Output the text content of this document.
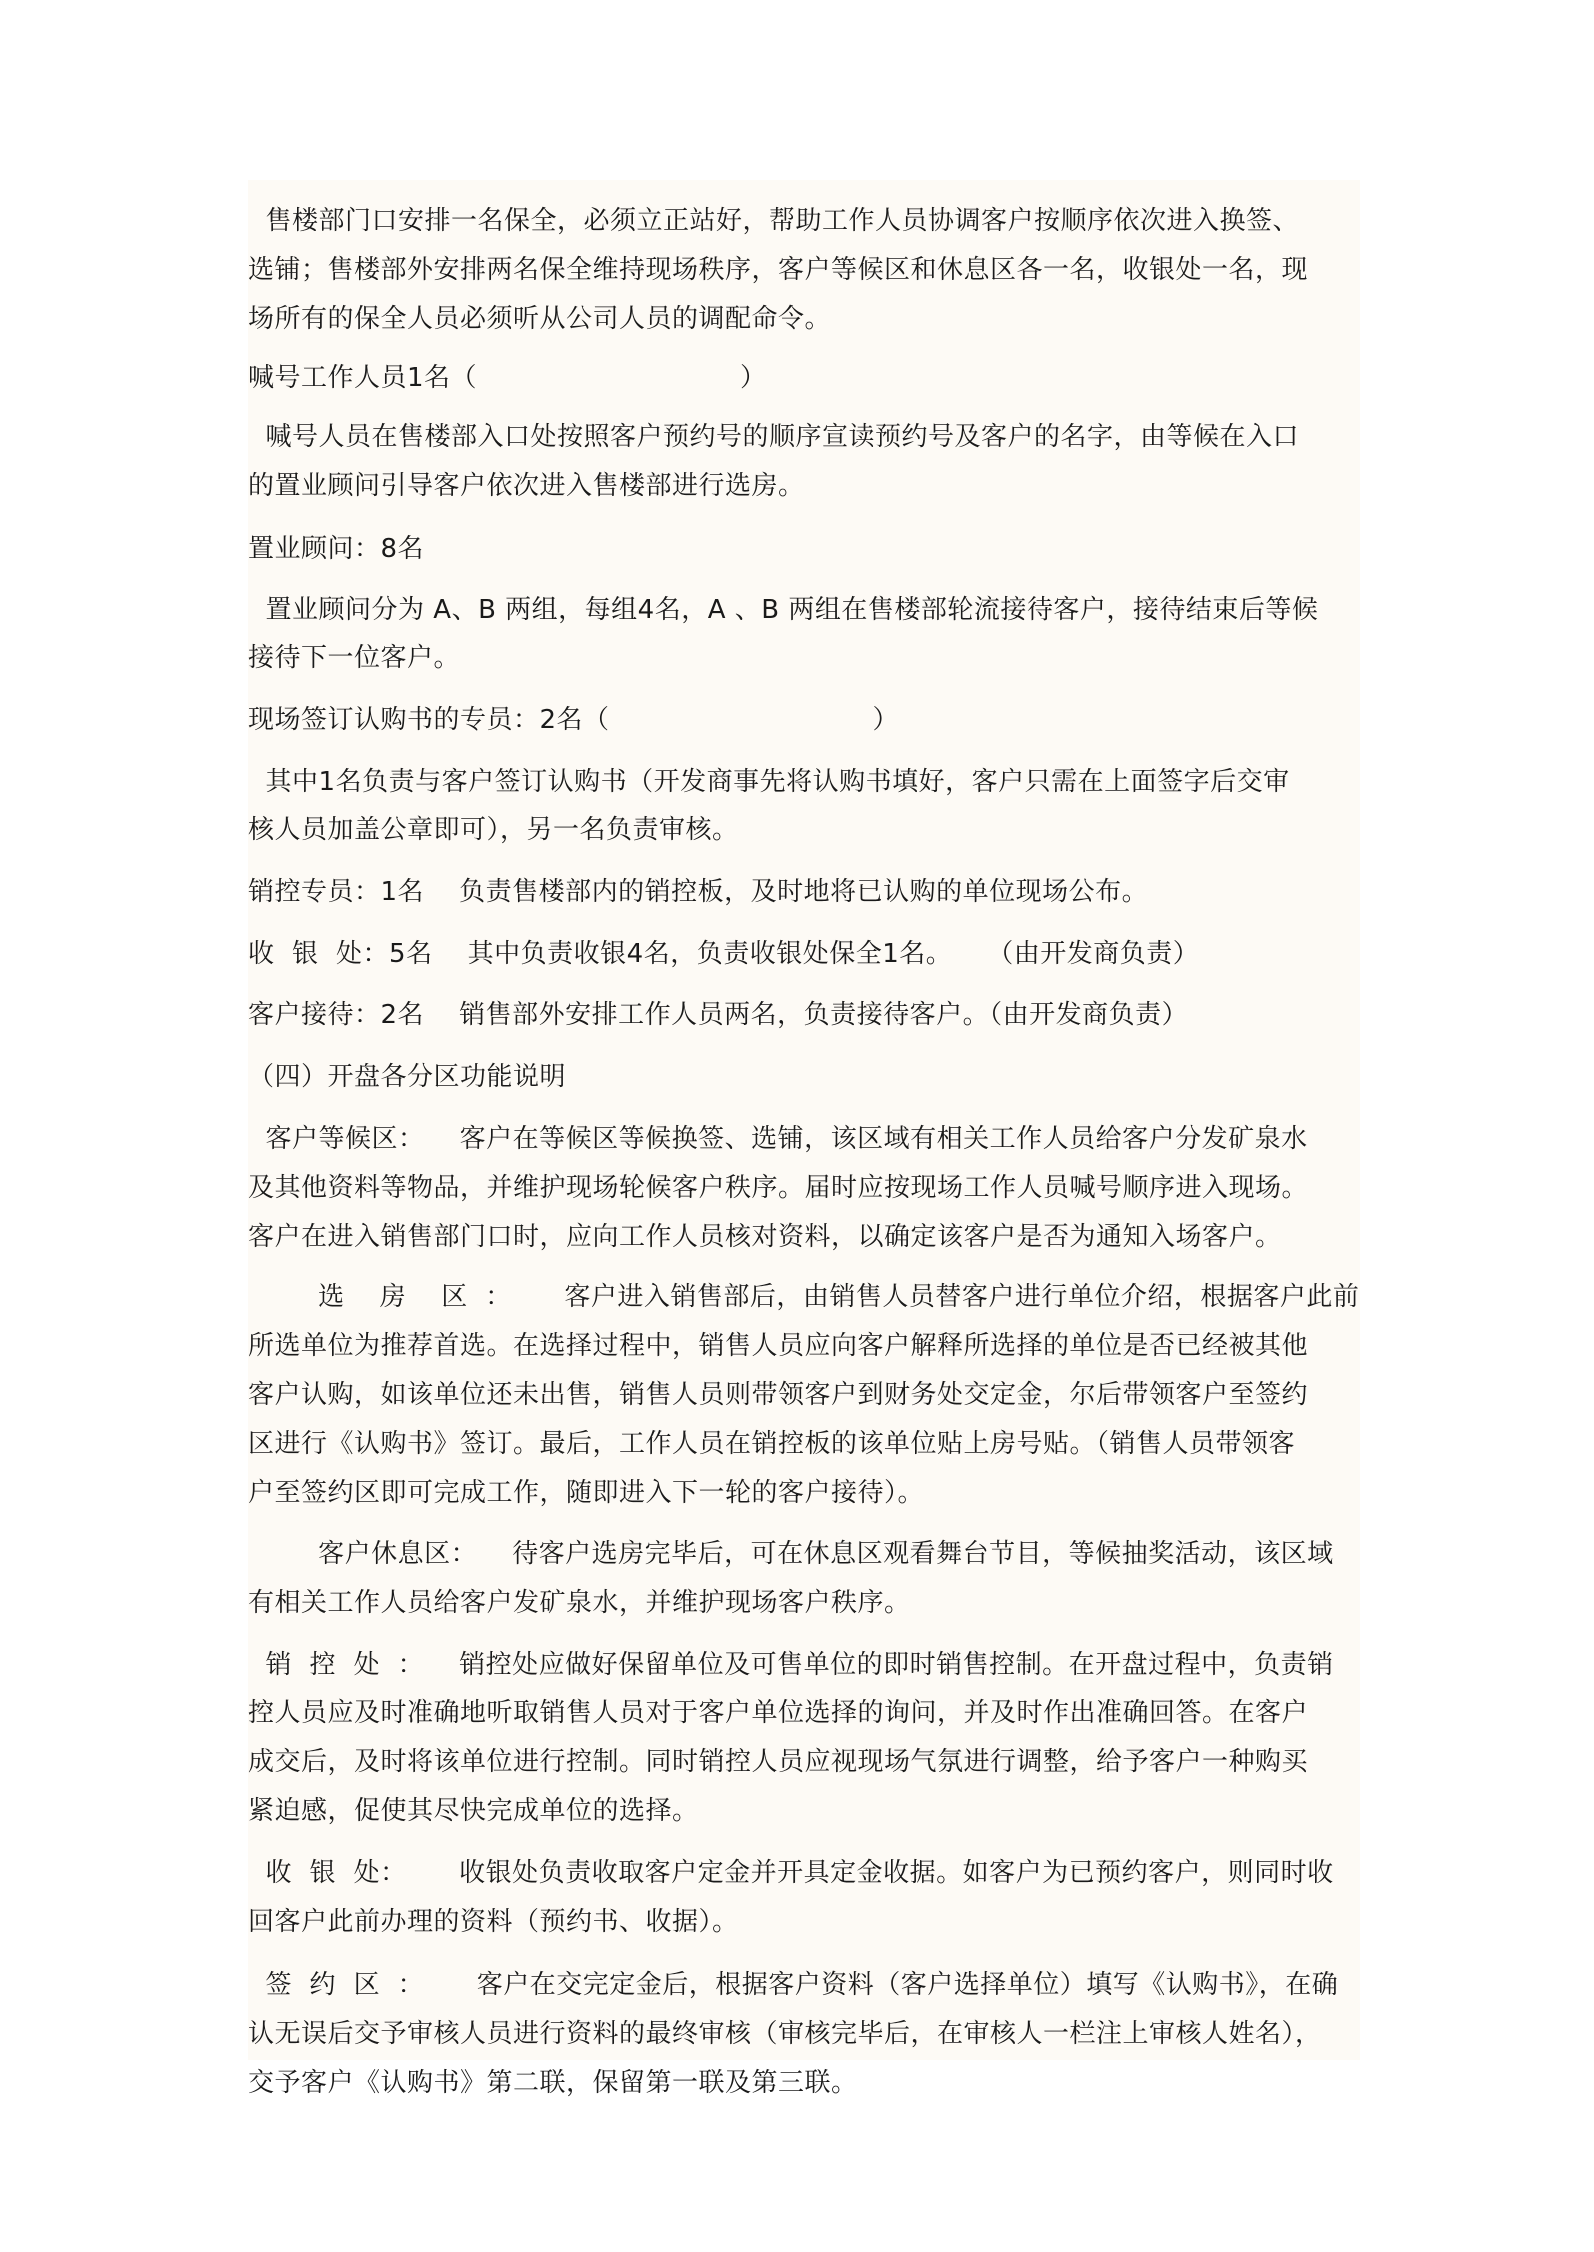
售楼部门口安排一名保全，必须立正站好，帮助工作人员协调客户按顺序依次进入换签、
选铺；售楼部外安排两名保全维持现场秩序，客户等候区和休息区各一名，收银处一名，现
场所有的保全人员必须听从公司人员的调配命令。
喊号工作人员1名（                              ）
喊号人员在售楼部入口处按照客户预约号的顺序宣读预约号及客户的名字，由等候在入口
的置业顾问引导客户依次进入售楼部进行选房。
置业顾问：8名
置业顾问分为 A、B 两组，每组4名，A 、B 两组在售楼部轮流接待客户，接待结束后等候
接待下一位客户。
现场签订认购书的专员：2名（                              ）
其中1名负责与客户签订认购书（开发商事先将认购书填好，客户只需在上面签字后交审
核人员加盖公章即可），另一名负责审核。
销控专员：1名    负责售楼部内的销控板，及时地将已认购的单位现场公布。
收  银  处：5名    其中负责收银4名，负责收银处保全1名。    （由开发商负责）
客户接待：2名    销售部外安排工作人员两名，负责接待客户。（由开发商负责）
（四）开盘各分区功能说明
客户等候区：    客户在等候区等候换签、选铺，该区域有相关工作人员给客户分发矿泉水
及其他资料等物品，并维护现场轮候客户秩序。届时应按现场工作人员喊号顺序进入现场。
客户在进入销售部门口时，应向工作人员核对资料，以确定该客户是否为通知入场客户。
选    房    区  ：      客户进入销售部后，由销售人员替客户进行单位介绍，根据客户此前
所选单位为推荐首选。在选择过程中，销售人员应向客户解释所选择的单位是否已经被其他
客户认购，如该单位还未出售，销售人员则带领客户到财务处交定金，尔后带领客户至签约
区进行《认购书》签订。最后，工作人员在销控板的该单位贴上房号贴。（销售人员带领客
户至签约区即可完成工作，随即进入下一轮的客户接待）。
客户休息区：    待客户选房完毕后，可在休息区观看舞台节目，等候抽奖活动，该区域
有相关工作人员给客户发矿泉水，并维护现场客户秩序。
销  控  处  ：    销控处应做好保留单位及可售单位的即时销售控制。在开盘过程中，负责销
控人员应及时准确地听取销售人员对于客户单位选择的询问，并及时作出准确回答。在客户
成交后，及时将该单位进行控制。同时销控人员应视现场气氛进行调整，给予客户一种购买
紧迫感，促使其尽快完成单位的选择。
收  银  处：      收银处负责收取客户定金并开具定金收据。如客户为已预约客户，则同时收
回客户此前办理的资料（预约书、收据）。
签  约  区  ：      客户在交完定金后，根据客户资料（客户选择单位）填写《认购书》，在确
认无误后交予审核人员进行资料的最终审核（审核完毕后，在审核人一栏注上审核人姓名），
交予客户《认购书》第二联，保留第一联及第三联。
